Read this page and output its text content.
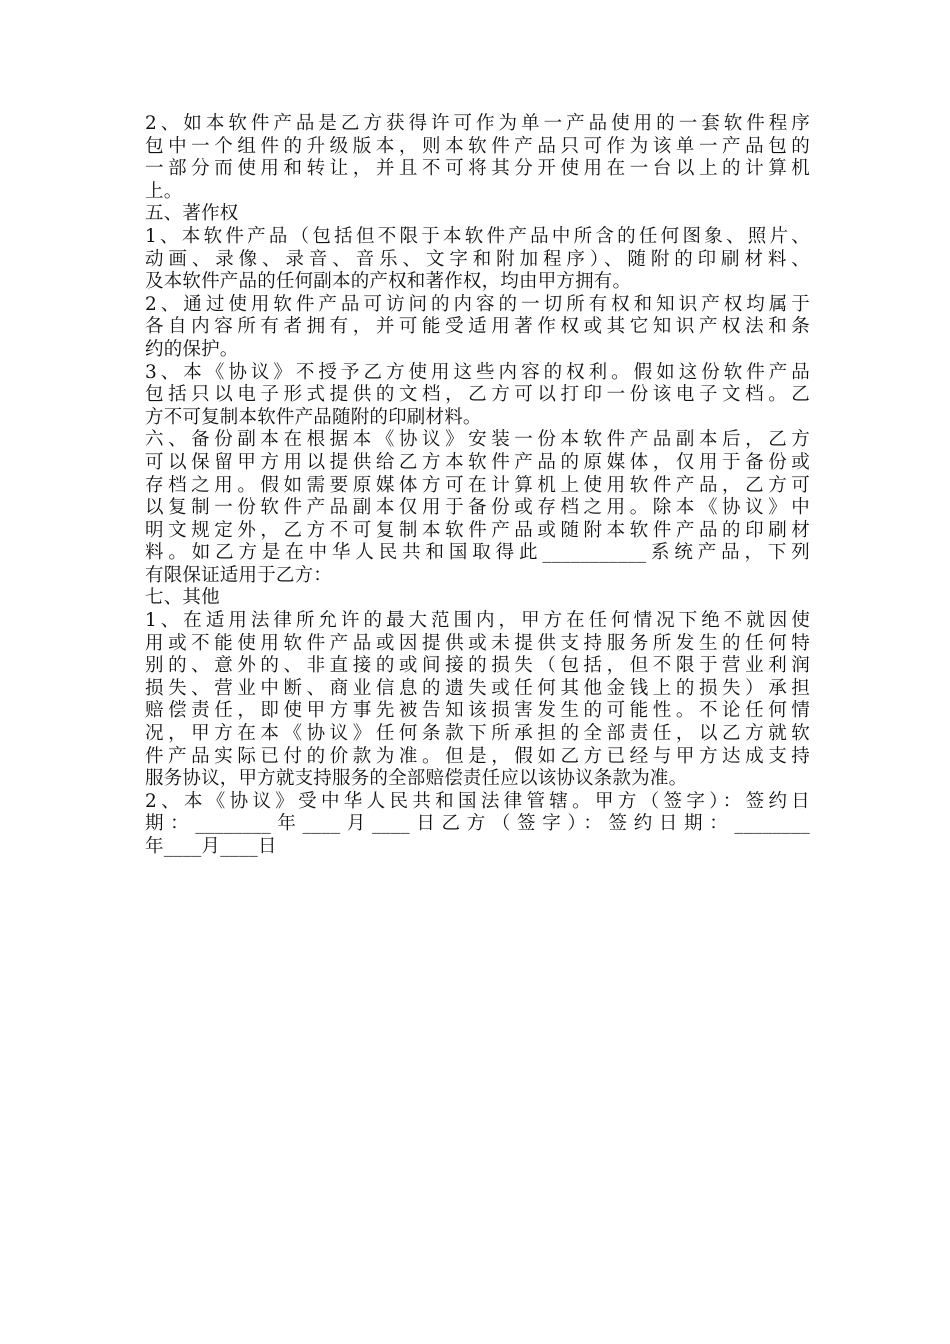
2、如本软件产品是乙方获得许可作为单一产品使用的一套软件程序
包中一个组件的升级版本，则本软件产品只可作为该单一产品包的
一部分而使用和转让，并且不可将其分开使用在一台以上的计算机
上。
五、著作权
1、本软件产品（包括但不限于本软件产品中所含的任何图象、照片、
动画、录像、录音、音乐、文字和附加程序）、随附的印刷材料、
及本软件产品的任何副本的产权和著作权，均由甲方拥有。
2、通过使用软件产品可访问的内容的一切所有权和知识产权均属于
各自内容所有者拥有，并可能受适用著作权或其它知识产权法和条
约的保护。
3、本《协议》不授予乙方使用这些内容的权利。假如这份软件产品
包括只以电子形式提供的文档，乙方可以打印一份该电子文档。乙
方不可复制本软件产品随附的印刷材料。
六、备份副本在根据本《协议》安装一份本软件产品副本后，乙方
可以保留甲方用以提供给乙方本软件产品的原媒体，仅用于备份或
存档之用。假如需要原媒体方可在计算机上使用软件产品，乙方可
以复制一份软件产品副本仅用于备份或存档之用。除本《协议》中
明文规定外，乙方不可复制本软件产品或随附本软件产品的印刷材
料。如乙方是在中华人民共和国取得此___________系统产品，下列
有限保证适用于乙方：
七、其他
1、在适用法律所允许的最大范围内，甲方在任何情况下绝不就因使
用或不能使用软件产品或因提供或未提供支持服务所发生的任何特
别的、意外的、非直接的或间接的损失（包括，但不限于营业利润
损失、营业中断、商业信息的遗失或任何其他金钱上的损失）承担
赔偿责任，即使甲方事先被告知该损害发生的可能性。不论任何情
况，甲方在本《协议》任何条款下所承担的全部责任，以乙方就软
件产品实际已付的价款为准。但是，假如乙方已经与甲方达成支持
服务协议，甲方就支持服务的全部赔偿责任应以该协议条款为准。
2、本《协议》受中华人民共和国法律管辖。甲方（签字）：签约日
期：________年____月____日乙方（签字）：签约日期：________
年____月____日
